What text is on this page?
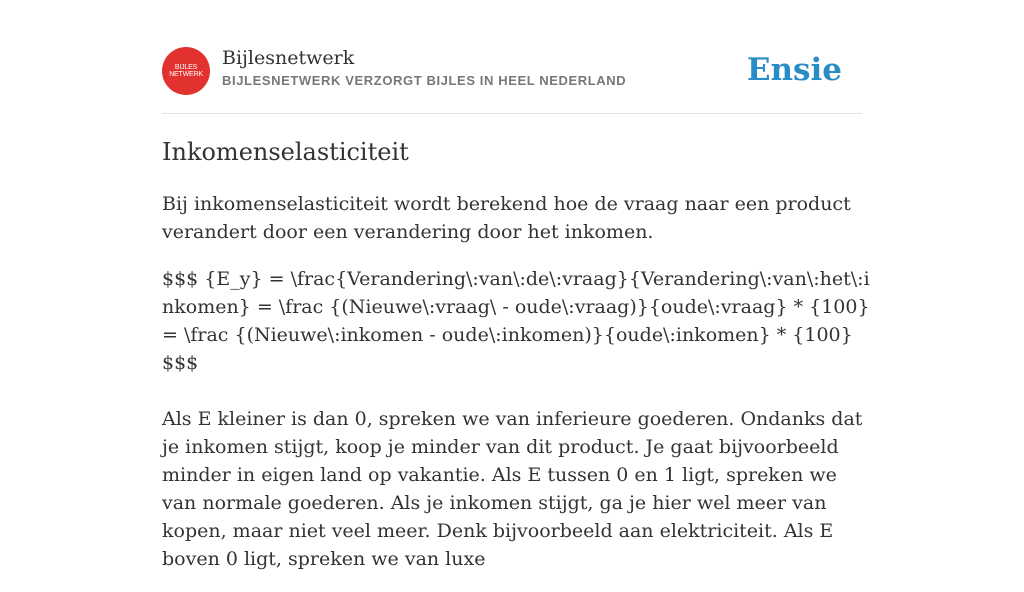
BIJLES
NETWERK
Bijlesnetwerk
BIJLESNETWERK VERZORGT BIJLES IN HEEL NEDERLAND	Ensie
Inkomenselasticiteit

Bij inkomenselasticiteit wordt berekend hoe de vraag naar een product verandert door een verandering door het inkomen.

$$$ {E_y} = \frac{Verandering\:van\:de\:vraag}{Verandering\:van\:het\:inkomen} = \frac {(Nieuwe\:vraag\ - oude\:vraag)}{oude\:vraag} * {100} = \frac {(Nieuwe\:inkomen - oude\:inkomen)}{oude\:inkomen} * {100}$$$

Als E kleiner is dan 0, spreken we van inferieure goederen. Ondanks dat je inkomen stijgt, koop je minder van dit product. Je gaat bijvoorbeeld minder in eigen land op vakantie. Als E tussen 0 en 1 ligt, spreken we van normale goederen. Als je inkomen stijgt, ga je hier wel meer van kopen, maar niet veel meer. Denk bijvoorbeeld aan elektriciteit. Als E boven 0 ligt, spreken we van luxe
